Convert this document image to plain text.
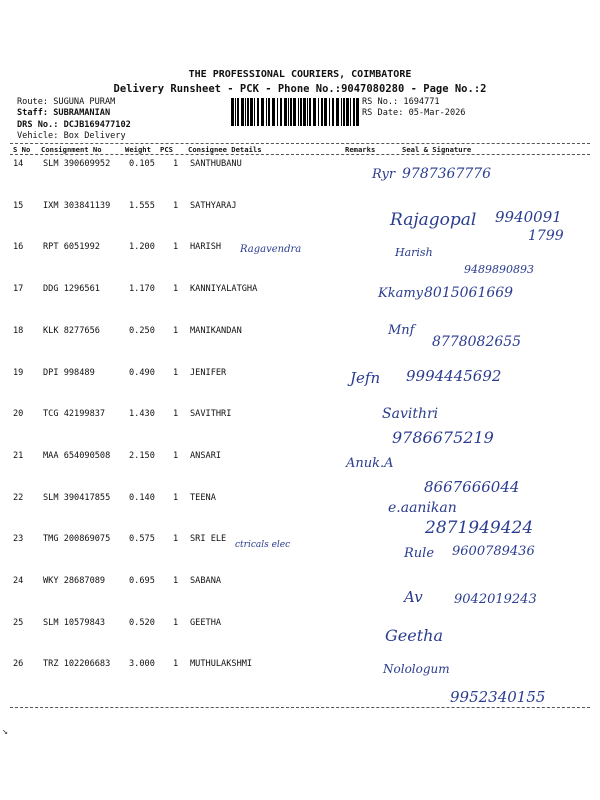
THE PROFESSIONAL COURIERS, COIMBATORE
Delivery Runsheet - PCK - Phone No.:9047080280 - Page No.:2
Route: SUGUNA PURAM
Staff: SUBRAMANIAN
DRS No.: DCJB169477102
Vehicle: Box Delivery
RS No.: 1694771
RS Date: 05-Mar-2026
S No Consignment No	Weight PCS Consignee Details	Remarks	Seal & Signature
14 SLM 390609952 0.105 1 SANTHUBANU
15 IXM 303841139 1.555 1 SATHYARAJ
16 RPT 6051992	1.200 1 HARISH
17 DDG 1296561	1.170 1 KANNIYALATGHA
18 KLK 8277656	0.250 1 MANIKANDAN
19 DPI 998489	0.490 1 JENIFER
20 TCG 42199837	1.430 1 SAVITHRI
21 MAA 654090508 2.150 1 ANSARI
22 SLM 390417855 0.140 1 TEENA
23 TMG 200869075 0.575 1 SRI ELE
24 WKY 28687089	0.695 1 SABANA
25 SLM 10579843	0.520 1 GEETHA
26 TRZ 102206683 3.000 1 MUTHULAKSHMI
Ryr 9787367776
Rajagopal 9940091
1799
Ragavendra	Harish
9489890893
Kkamy 8015061669
Mnf
8778082655
Jefn 9994445692
Savithri
9786675219
Anuk.A
8667666044
e.aanikan
2871949424
ctricals elec
Rule 9600789436
Av 9042019243
Geetha
Nolologum
9952340155
↘
